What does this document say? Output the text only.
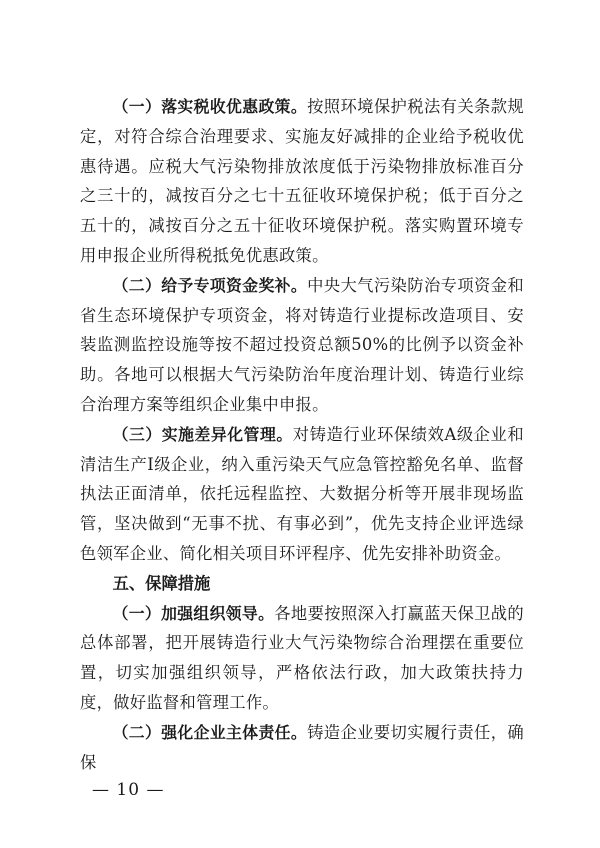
（一）落实税收优惠政策。按照环境保护税法有关条款规定，对符合综合治理要求、实施友好减排的企业给予税收优惠待遇。应税大气污染物排放浓度低于污染物排放标准百分之三十的，减按百分之七十五征收环境保护税；低于百分之五十的，减按百分之五十征收环境保护税。落实购置环境专用申报企业所得税抵免优惠政策。

（二）给予专项资金奖补。中央大气污染防治专项资金和省生态环境保护专项资金，将对铸造行业提标改造项目、安装监测监控设施等按不超过投资总额50%的比例予以资金补助。各地可以根据大气污染防治年度治理计划、铸造行业综合治理方案等组织企业集中申报。

（三）实施差异化管理。对铸造行业环保绩效A级企业和清洁生产I级企业，纳入重污染天气应急管控豁免名单、监督执法正面清单，依托远程监控、大数据分析等开展非现场监管，坚决做到“无事不扰、有事必到”，优先支持企业评选绿色领军企业、简化相关项目环评程序、优先安排补助资金。

五、保障措施

（一）加强组织领导。各地要按照深入打赢蓝天保卫战的总体部署，把开展铸造行业大气污染物综合治理摆在重要位置，切实加强组织领导，严格依法行政，加大政策扶持力度，做好监督和管理工作。

（二）强化企业主体责任。铸造企业要切实履行责任，确保

— 10 —
